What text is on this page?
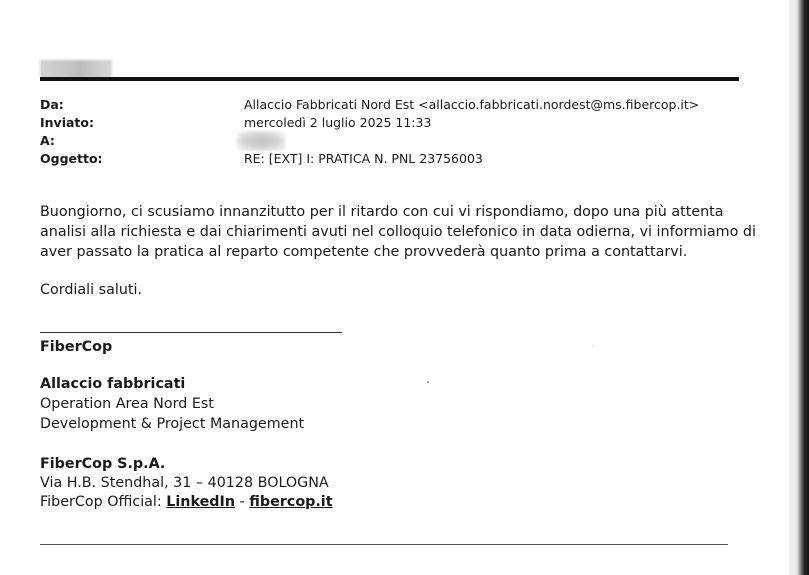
Da:	Allaccio Fabbricati Nord Est <allaccio.fabbricati.nordest@ms.fibercop.it>
Inviato:	mercoledì 2 luglio 2025 11:33
A:
Oggetto:	RE: [EXT] I: PRATICA N. PNL 23756003
Buongiorno, ci scusiamo innanzitutto per il ritardo con cui vi rispondiamo, dopo una più attenta
analisi alla richiesta e dai chiarimenti avuti nel colloquio telefonico in data odierna, vi informiamo di
aver passato la pratica al reparto competente che provvederà quanto prima a contattarvi.
Cordiali saluti.
FiberCop
Allaccio fabbricati
Operation Area Nord Est
Development & Project Management
FiberCop S.p.A.
Via H.B. Stendhal, 31 – 40128 BOLOGNA
FiberCop Official: LinkedIn - fibercop.it
